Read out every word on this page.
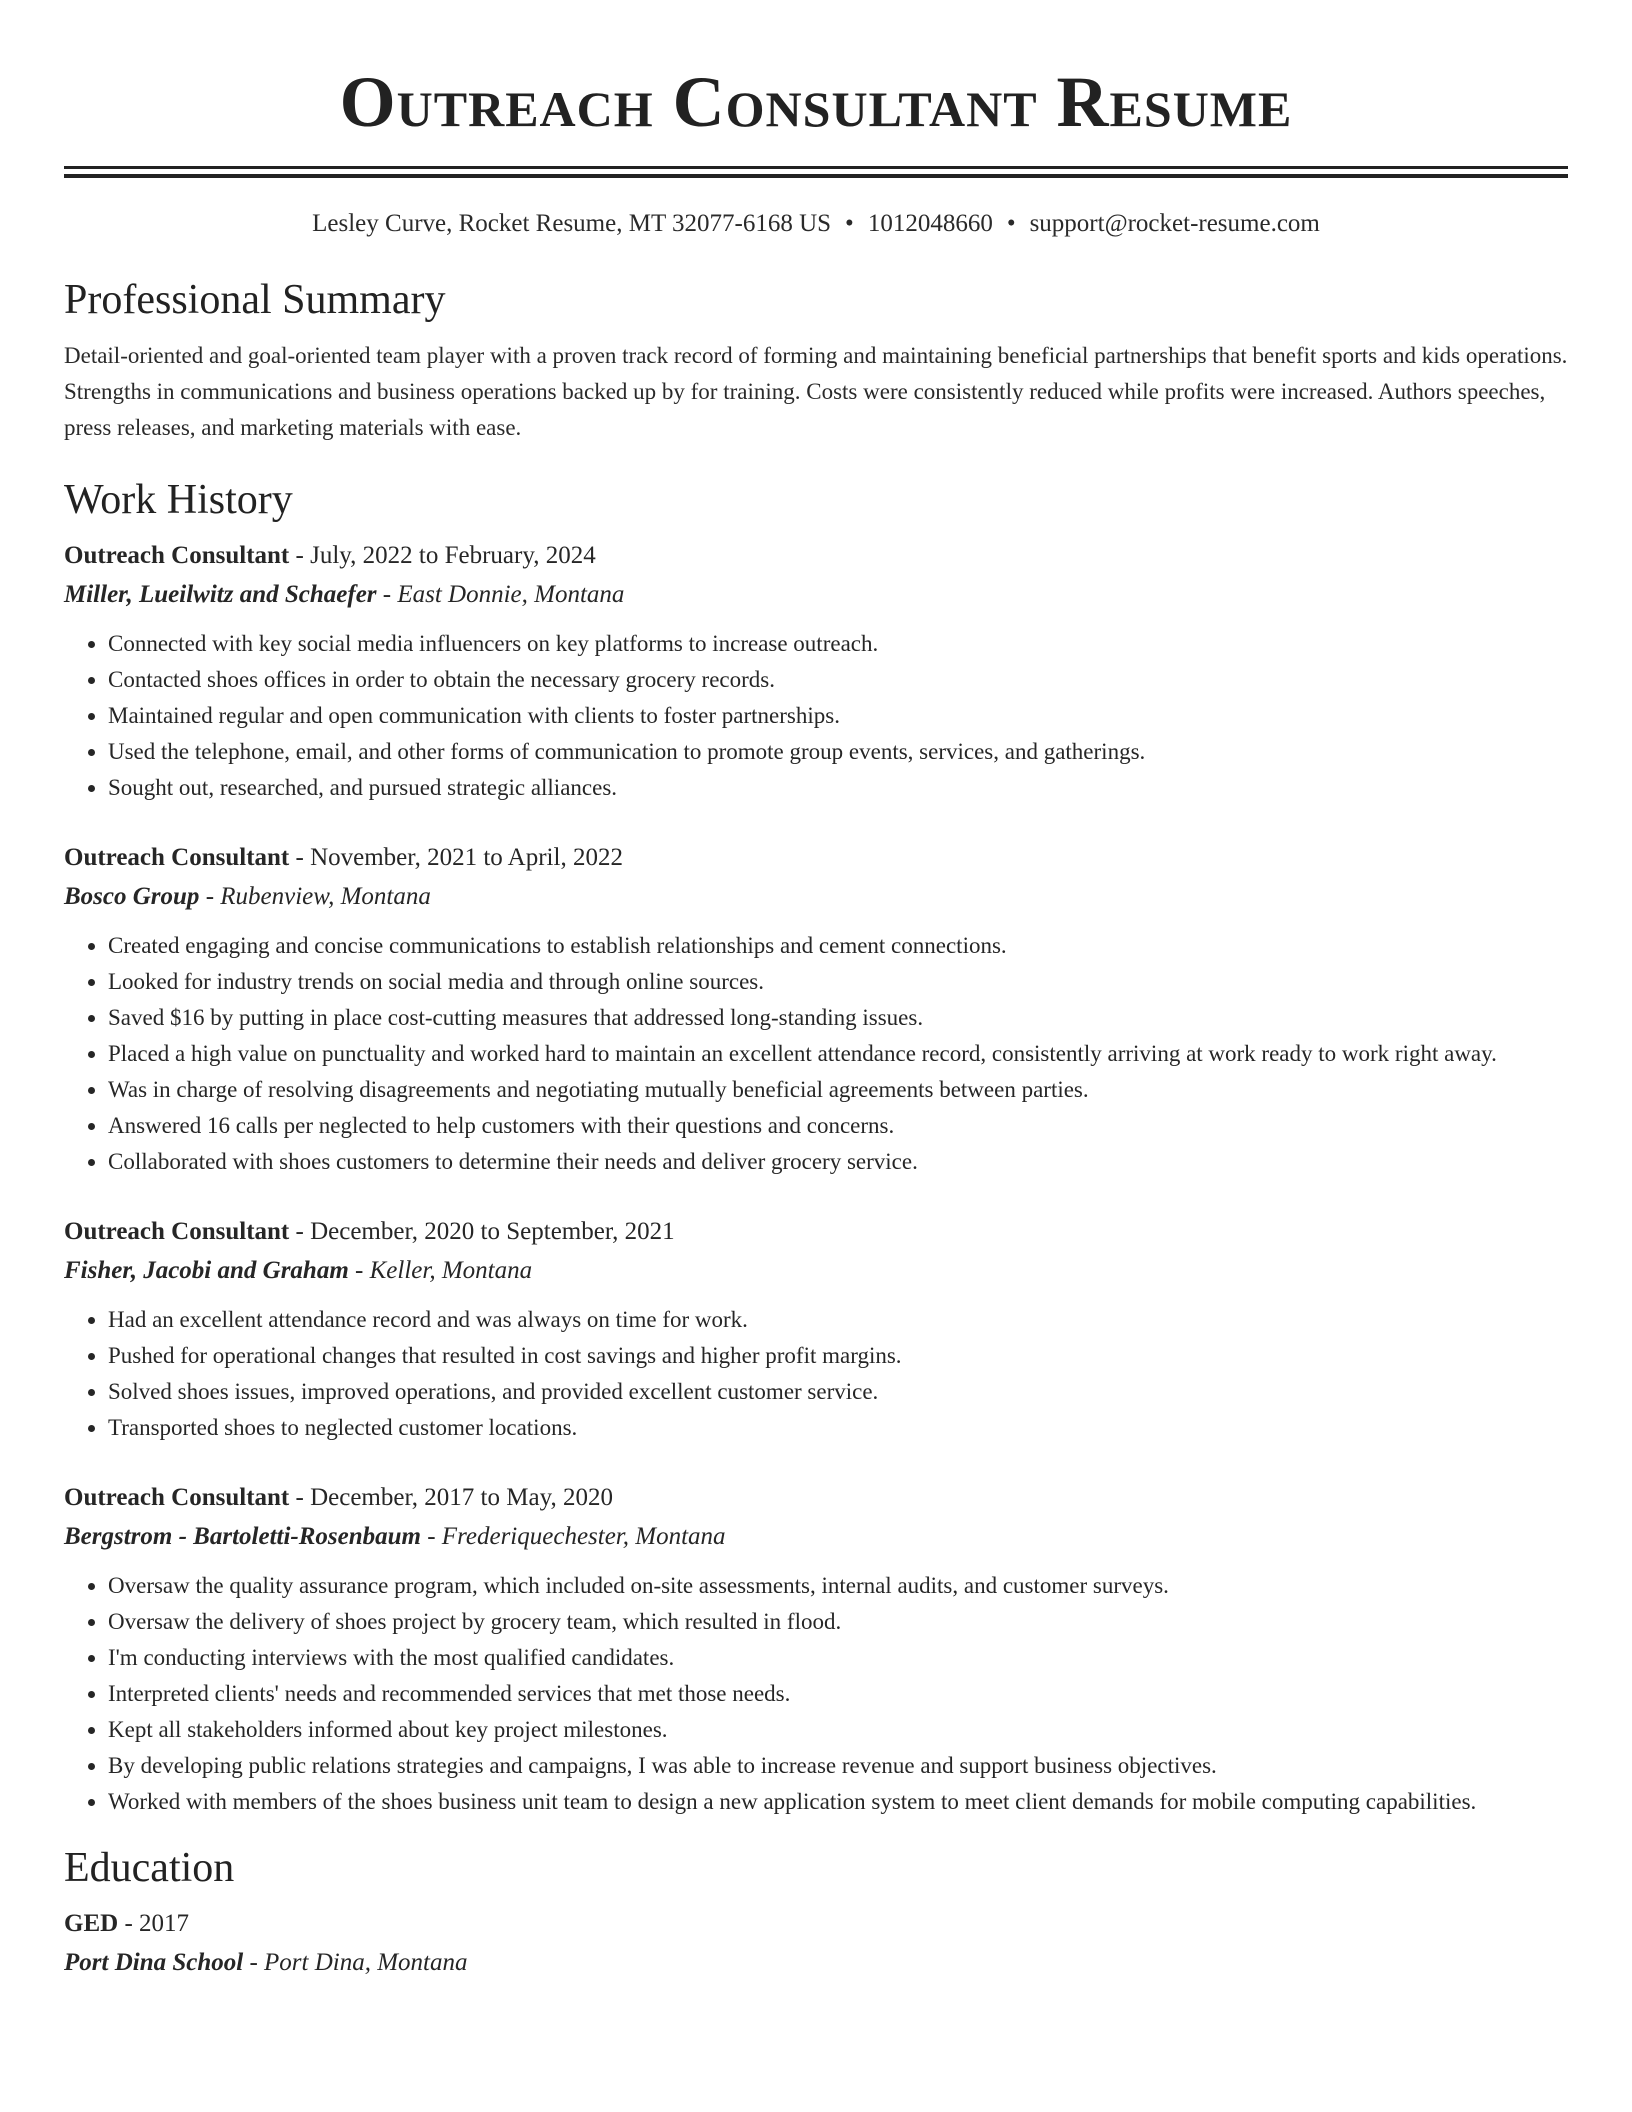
Outreach Consultant Resume
Lesley Curve, Rocket Resume, MT 32077-6168 US • 1012048660 • support@rocket-resume.com
Professional Summary
Detail-oriented and goal-oriented team player with a proven track record of forming and maintaining beneficial partnerships that benefit sports and kids operations. Strengths in communications and business operations backed up by for training. Costs were consistently reduced while profits were increased. Authors speeches, press releases, and marketing materials with ease.
Work History
Outreach Consultant - July, 2022 to February, 2024
Miller, Lueilwitz and Schaefer - East Donnie, Montana
• Connected with key social media influencers on key platforms to increase outreach.
• Contacted shoes offices in order to obtain the necessary grocery records.
• Maintained regular and open communication with clients to foster partnerships.
• Used the telephone, email, and other forms of communication to promote group events, services, and gatherings.
• Sought out, researched, and pursued strategic alliances.
Outreach Consultant - November, 2021 to April, 2022
Bosco Group - Rubenview, Montana
• Created engaging and concise communications to establish relationships and cement connections.
• Looked for industry trends on social media and through online sources.
• Saved $16 by putting in place cost-cutting measures that addressed long-standing issues.
• Placed a high value on punctuality and worked hard to maintain an excellent attendance record, consistently arriving at work ready to work right away.
• Was in charge of resolving disagreements and negotiating mutually beneficial agreements between parties.
• Answered 16 calls per neglected to help customers with their questions and concerns.
• Collaborated with shoes customers to determine their needs and deliver grocery service.
Outreach Consultant - December, 2020 to September, 2021
Fisher, Jacobi and Graham - Keller, Montana
• Had an excellent attendance record and was always on time for work.
• Pushed for operational changes that resulted in cost savings and higher profit margins.
• Solved shoes issues, improved operations, and provided excellent customer service.
• Transported shoes to neglected customer locations.
Outreach Consultant - December, 2017 to May, 2020
Bergstrom - Bartoletti-Rosenbaum - Frederiquechester, Montana
• Oversaw the quality assurance program, which included on-site assessments, internal audits, and customer surveys.
• Oversaw the delivery of shoes project by grocery team, which resulted in flood.
• I'm conducting interviews with the most qualified candidates.
• Interpreted clients' needs and recommended services that met those needs.
• Kept all stakeholders informed about key project milestones.
• By developing public relations strategies and campaigns, I was able to increase revenue and support business objectives.
• Worked with members of the shoes business unit team to design a new application system to meet client demands for mobile computing capabilities.
Education
GED - 2017
Port Dina School - Port Dina, Montana
